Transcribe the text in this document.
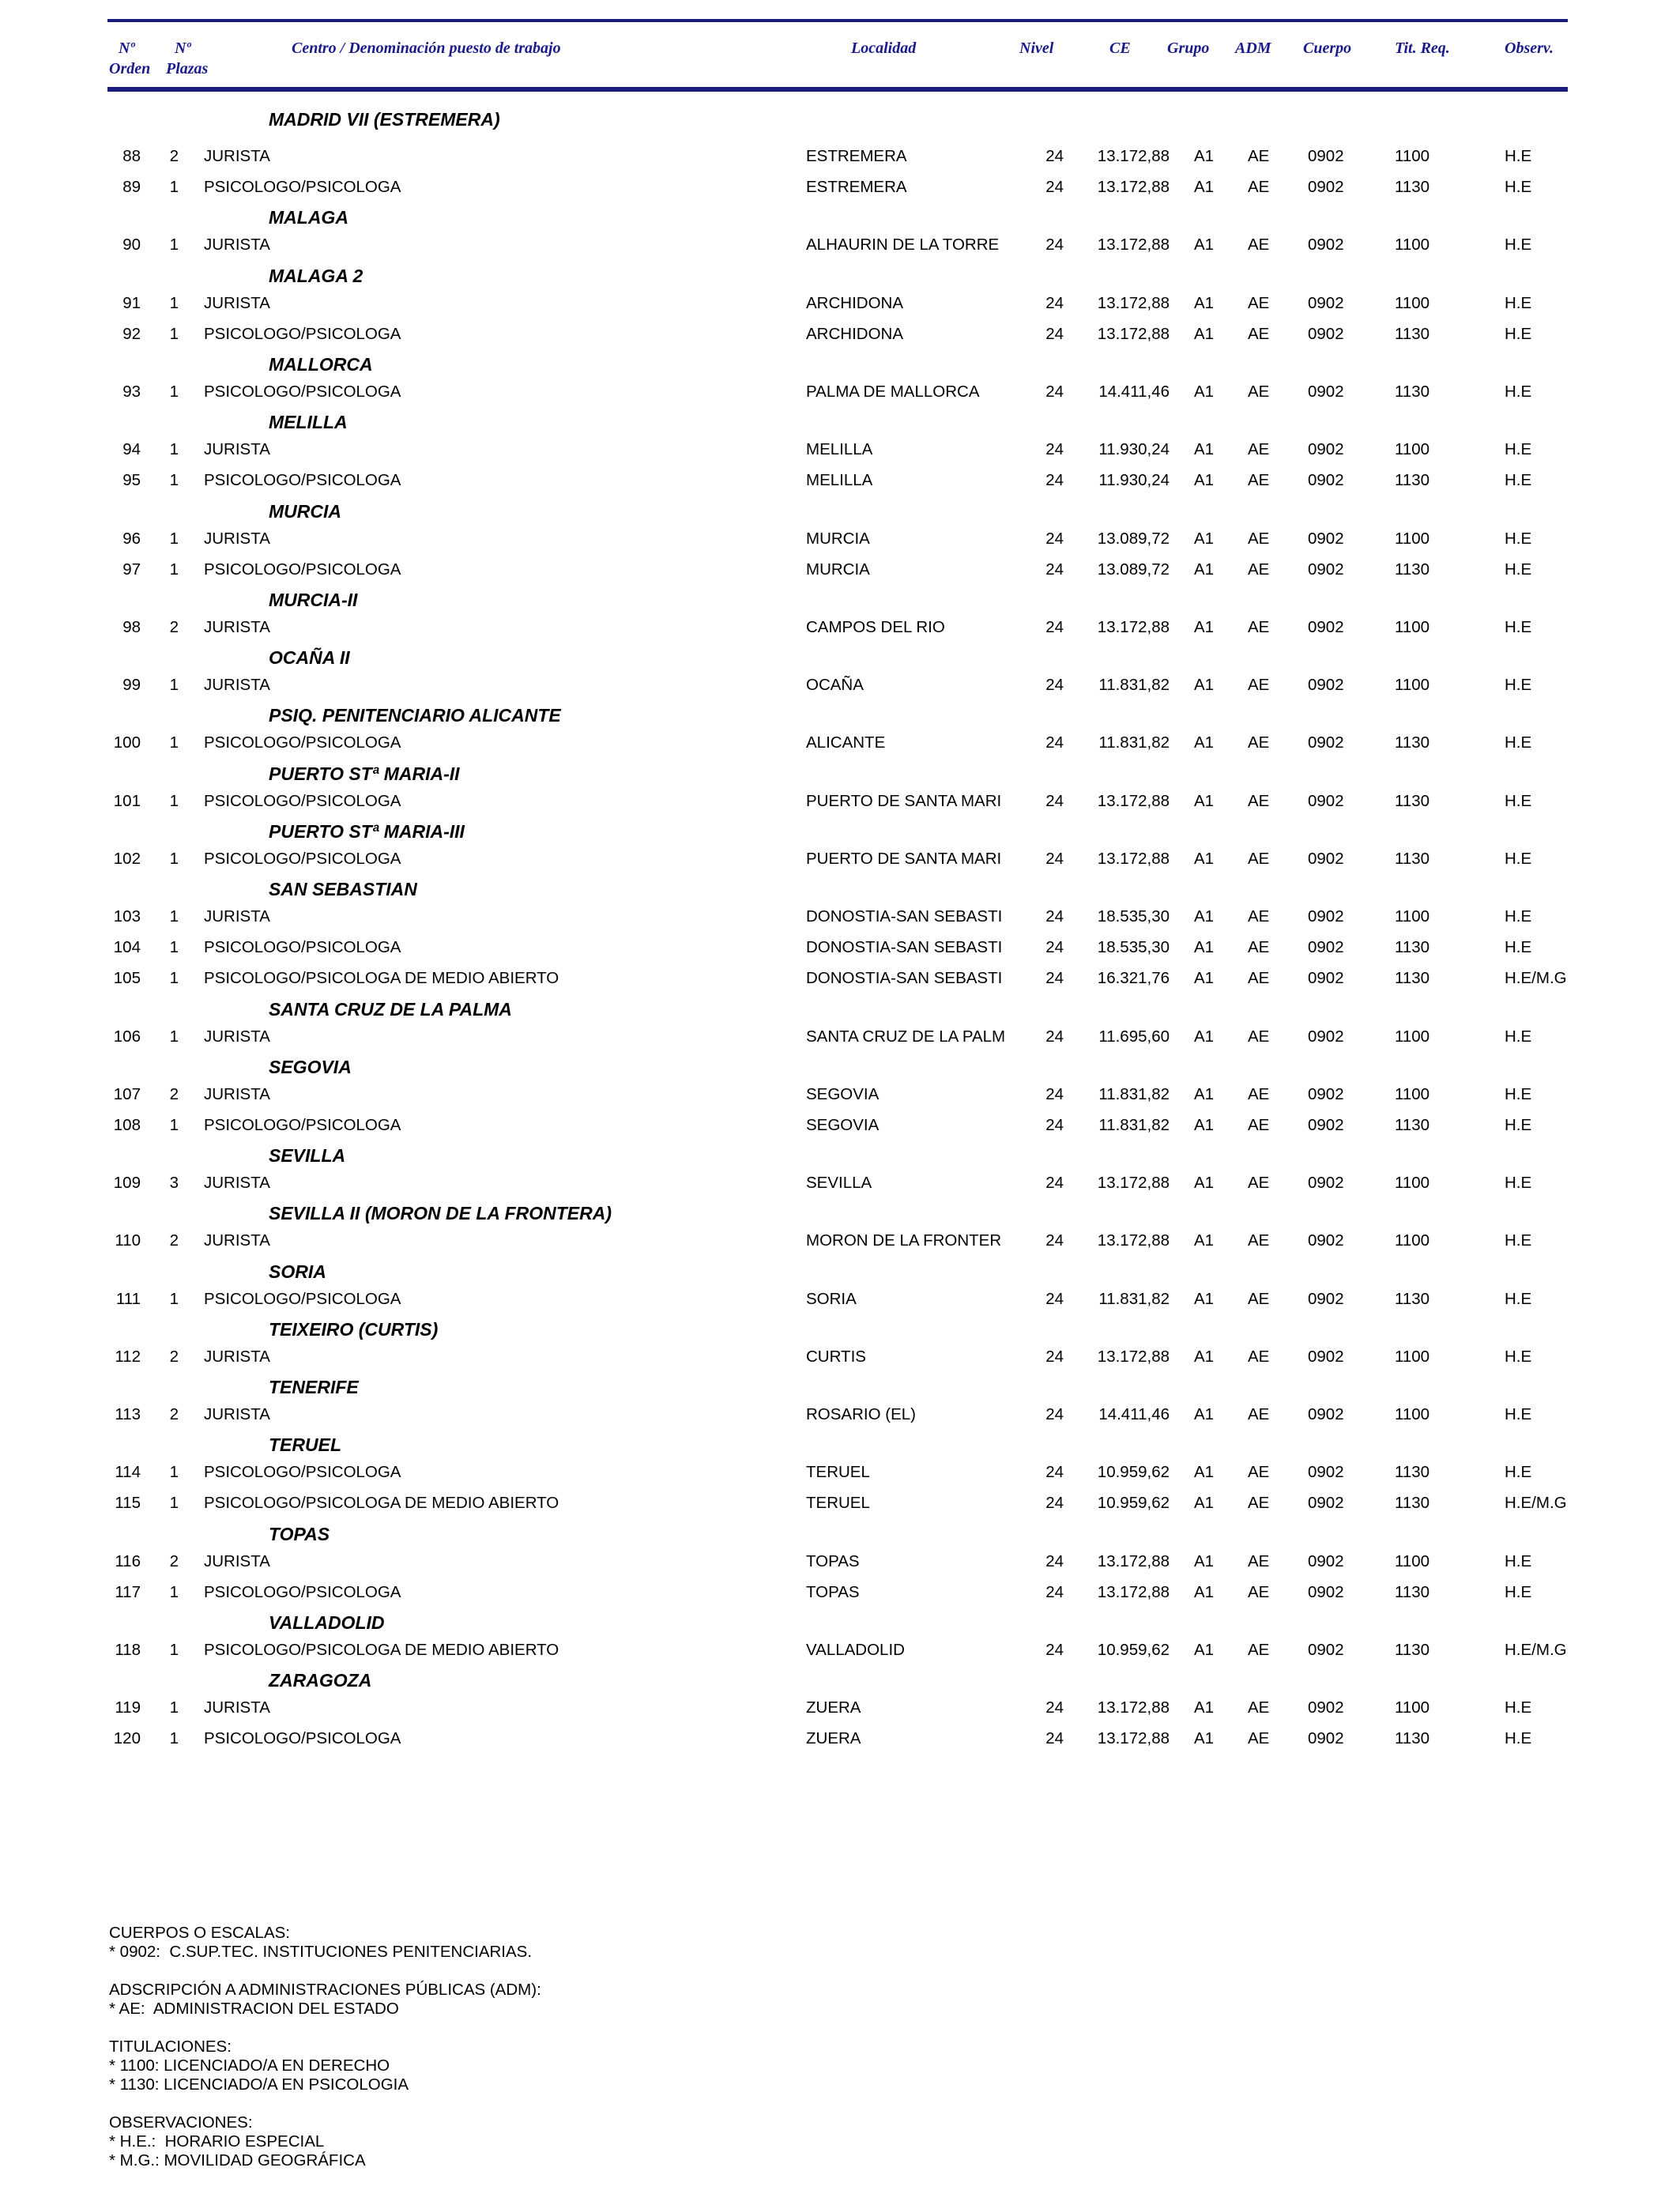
Nº
Orden
Nº
Plazas
Centro / Denominación puesto de trabajo	Localidad	Nivel	CE Grupo ADM Cuerpo	Tit. Req.	Observ.
MADRID VII (ESTREMERA)
88 2 JURISTA	ESTREMERA	24 13.172,88 A1 AE 0902	1100	H.E
89 1 PSICOLOGO/PSICOLOGA	ESTREMERA	24 13.172,88 A1 AE 0902	1130	H.E
MALAGA
90 1 JURISTA	ALHAURIN DE LA TORRE	24 13.172,88 A1 AE 0902	1100	H.E
MALAGA 2
91 1 JURISTA	ARCHIDONA	24 13.172,88 A1 AE 0902	1100	H.E
92 1 PSICOLOGO/PSICOLOGA	ARCHIDONA	24 13.172,88 A1 AE 0902	1130	H.E
MALLORCA
93 1 PSICOLOGO/PSICOLOGA	PALMA DE MALLORCA	24 14.411,46 A1 AE 0902	1130	H.E
MELILLA
94 1 JURISTA	MELILLA	24 11.930,24 A1 AE 0902	1100	H.E
95 1 PSICOLOGO/PSICOLOGA	MELILLA	24 11.930,24 A1 AE 0902	1130	H.E
MURCIA
96 1 JURISTA	MURCIA	24 13.089,72 A1 AE 0902	1100	H.E
97 1 PSICOLOGO/PSICOLOGA	MURCIA	24 13.089,72 A1 AE 0902	1130	H.E
MURCIA-II
98 2 JURISTA	CAMPOS DEL RIO	24 13.172,88 A1 AE 0902	1100	H.E
OCAÑA II
99 1 JURISTA	OCAÑA	24 11.831,82 A1 AE 0902	1100	H.E
PSIQ. PENITENCIARIO ALICANTE
100 1 PSICOLOGO/PSICOLOGA	ALICANTE	24 11.831,82 A1 AE 0902	1130	H.E
PUERTO STª MARIA-II
101 1 PSICOLOGO/PSICOLOGA	PUERTO DE SANTA MARI	24 13.172,88 A1 AE 0902	1130	H.E
PUERTO STª MARIA-III
102 1 PSICOLOGO/PSICOLOGA	PUERTO DE SANTA MARI	24 13.172,88 A1 AE 0902	1130	H.E
SAN SEBASTIAN
103 1 JURISTA	DONOSTIA-SAN SEBASTI	24 18.535,30 A1 AE 0902	1100	H.E
104 1 PSICOLOGO/PSICOLOGA	DONOSTIA-SAN SEBASTI	24 18.535,30 A1 AE 0902	1130	H.E
105 1 PSICOLOGO/PSICOLOGA DE MEDIO ABIERTO	DONOSTIA-SAN SEBASTI	24 16.321,76 A1 AE 0902	1130	H.E/M.G
SANTA CRUZ DE LA PALMA
106 1 JURISTA	SANTA CRUZ DE LA PALM 24 11.695,60 A1 AE 0902	1100	H.E
SEGOVIA
107 2 JURISTA	SEGOVIA	24 11.831,82 A1 AE 0902	1100	H.E
108 1 PSICOLOGO/PSICOLOGA	SEGOVIA	24 11.831,82 A1 AE 0902	1130	H.E
SEVILLA
109 3 JURISTA	SEVILLA	24 13.172,88 A1 AE 0902	1100	H.E
SEVILLA II (MORON DE LA FRONTERA)
110 2 JURISTA	MORON DE LA FRONTER	24 13.172,88 A1 AE 0902	1100	H.E
SORIA
111 1 PSICOLOGO/PSICOLOGA	SORIA	24 11.831,82 A1 AE 0902	1130	H.E
TEIXEIRO (CURTIS)
112 2 JURISTA	CURTIS	24 13.172,88 A1 AE 0902	1100	H.E
TENERIFE
113 2 JURISTA	ROSARIO (EL)	24 14.411,46 A1 AE 0902	1100	H.E
TERUEL
114 1 PSICOLOGO/PSICOLOGA	TERUEL	24 10.959,62 A1 AE 0902	1130	H.E
115 1 PSICOLOGO/PSICOLOGA DE MEDIO ABIERTO	TERUEL	24 10.959,62 A1 AE 0902	1130	H.E/M.G
TOPAS
116 2 JURISTA	TOPAS	24 13.172,88 A1 AE 0902	1100	H.E
117 1 PSICOLOGO/PSICOLOGA	TOPAS	24 13.172,88 A1 AE 0902	1130	H.E
VALLADOLID
118 1 PSICOLOGO/PSICOLOGA DE MEDIO ABIERTO	VALLADOLID	24 10.959,62 A1 AE 0902	1130	H.E/M.G
ZARAGOZA
119 1 JURISTA	ZUERA	24 13.172,88 A1 AE 0902	1100	H.E
120 1 PSICOLOGO/PSICOLOGA	ZUERA	24 13.172,88 A1 AE 0902	1130	H.E
CUERPOS O ESCALAS:
* 0902:  C.SUP.TEC. INSTITUCIONES PENITENCIARIAS.
ADSCRIPCIÓN A ADMINISTRACIONES PÚBLICAS (ADM):
* AE:  ADMINISTRACION DEL ESTADO
TITULACIONES:
* 1100: LICENCIADO/A EN DERECHO
* 1130: LICENCIADO/A EN PSICOLOGIA
OBSERVACIONES:
* H.E.:  HORARIO ESPECIAL
* M.G.: MOVILIDAD GEOGRÁFICA
